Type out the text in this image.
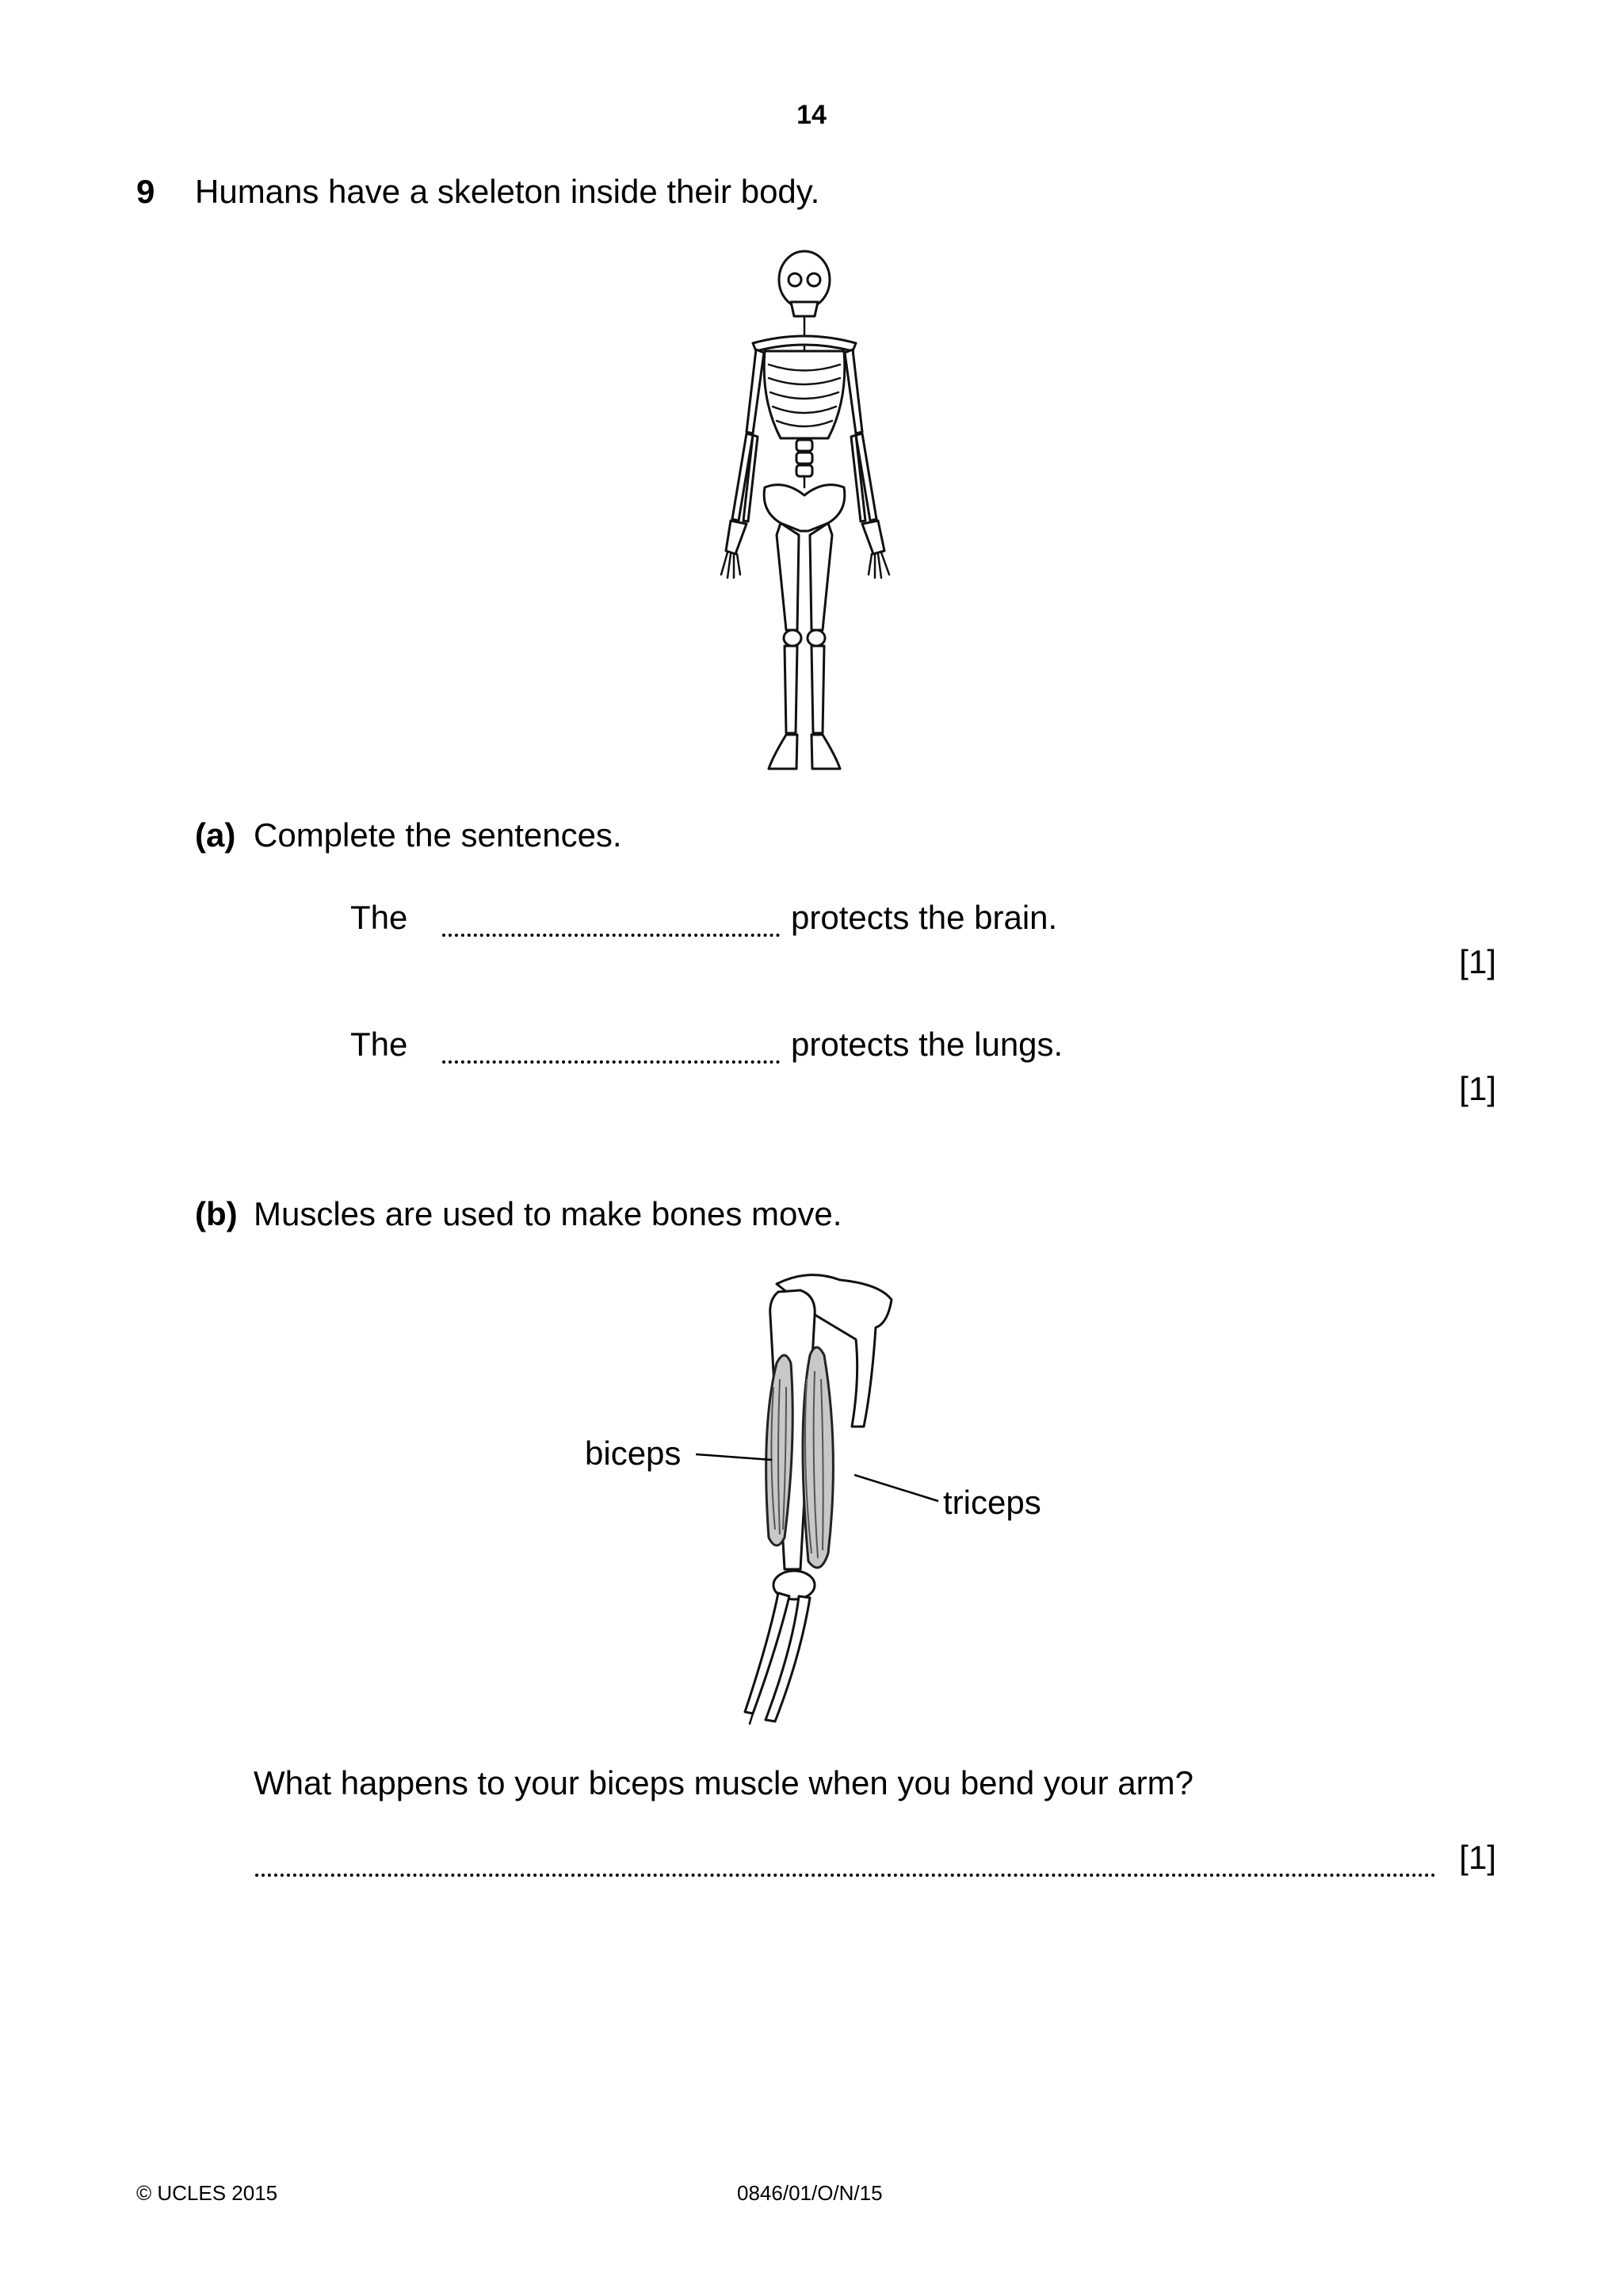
14
9 Humans have a skeleton inside their body.
(a) Complete the sentences.
The	protects the brain.
[1]
The	protects the lungs.
[1]
(b) Muscles are used to make bones move.
biceps
triceps
What happens to your biceps muscle when you bend your arm?
[1]
© UCLES 2015	0846/01/O/N/15
